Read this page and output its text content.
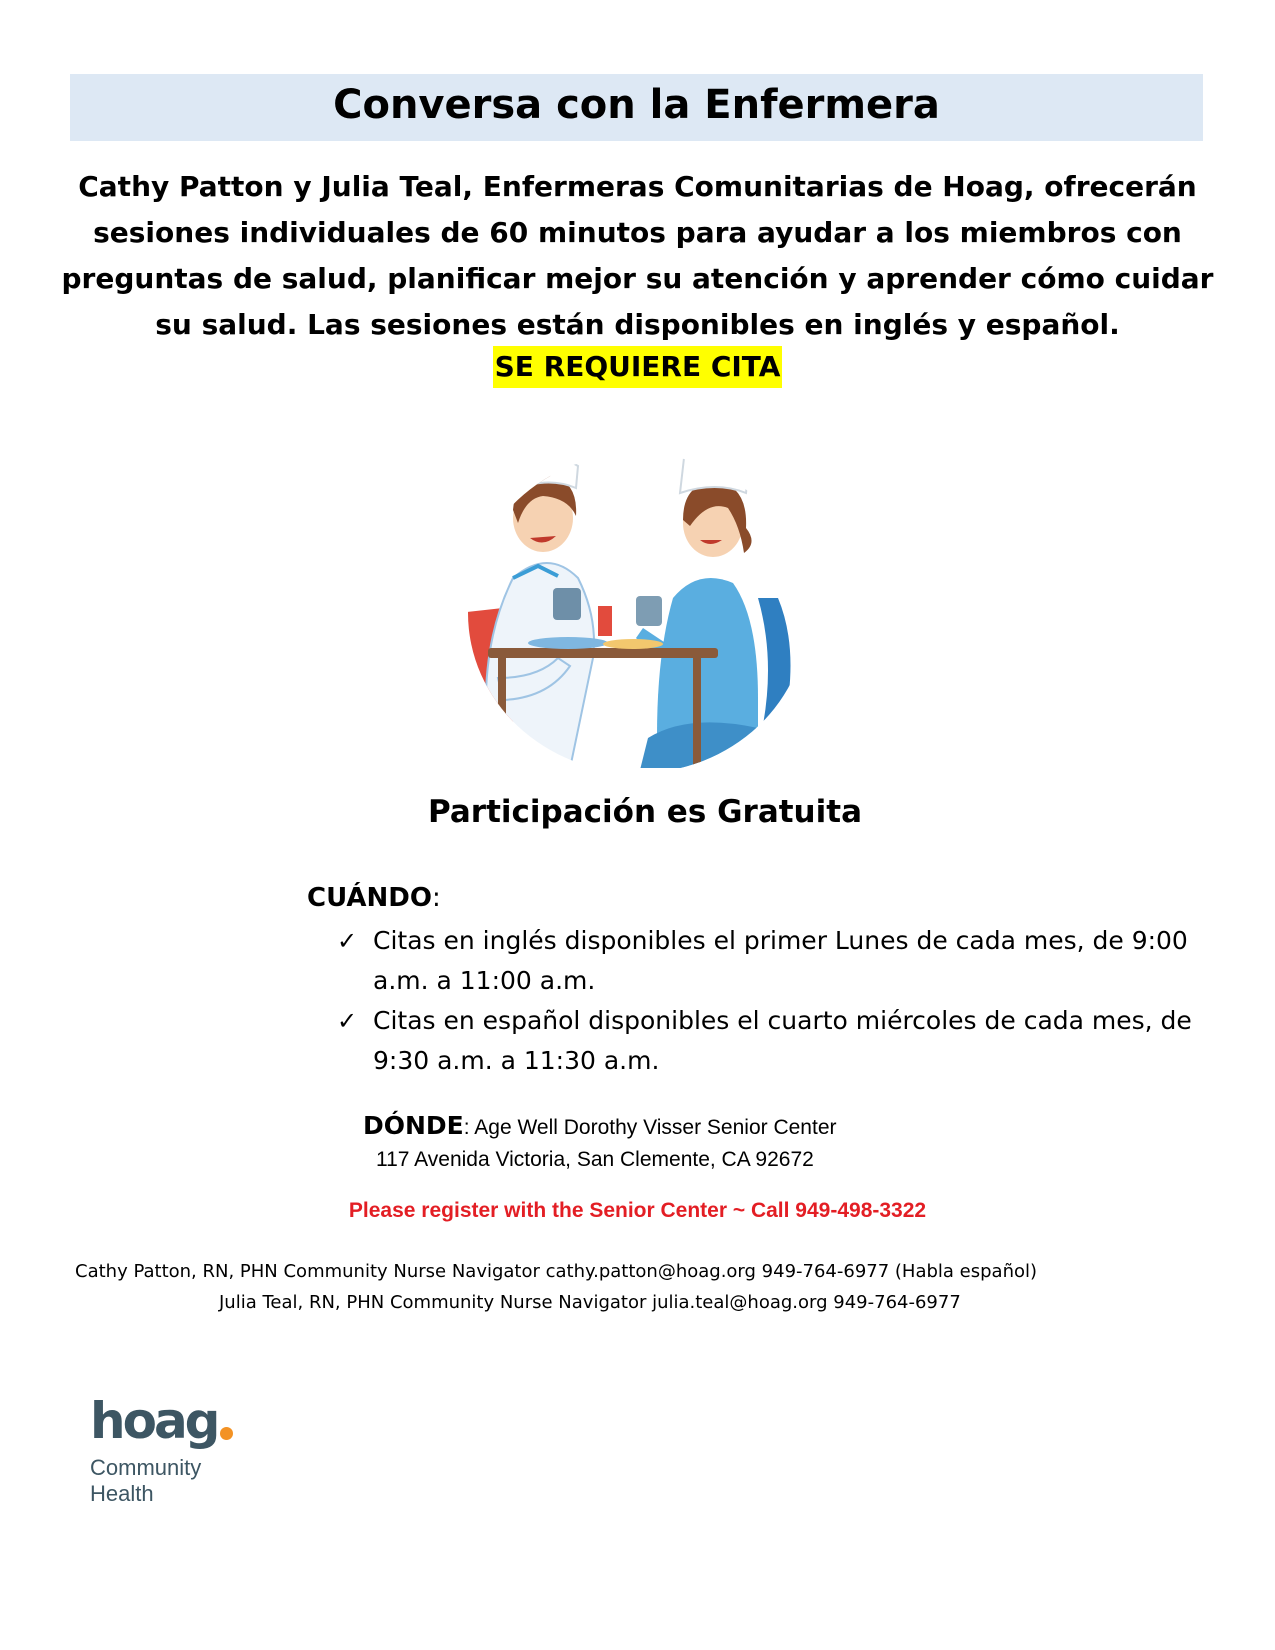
Conversa con la Enfermera
Cathy Patton y Julia Teal, Enfermeras Comunitarias de Hoag, ofrecerán sesiones individuales de 60 minutos para ayudar a los miembros con preguntas de salud, planificar mejor su atención y aprender cómo cuidar su salud. Las sesiones están disponibles en inglés y español.
SE REQUIERE CITA
Participación es Gratuita
CUÁNDO:
✓ Citas en inglés disponibles el primer Lunes de cada mes, de 9:00 a.m. a 11:00 a.m.
✓ Citas en español disponibles el cuarto miércoles de cada mes, de 9:30 a.m. a 11:30 a.m.
DÓNDE: Age Well Dorothy Visser Senior Center
117 Avenida Victoria, San Clemente, CA 92672
Please register with the Senior Center ~ Call 949-498-3322
Cathy Patton, RN, PHN Community Nurse Navigator cathy.patton@hoag.org 949-764-6977 (Habla español)
Julia Teal, RN, PHN Community Nurse Navigator julia.teal@hoag.org 949-764-6977
hoag
Community
Health
